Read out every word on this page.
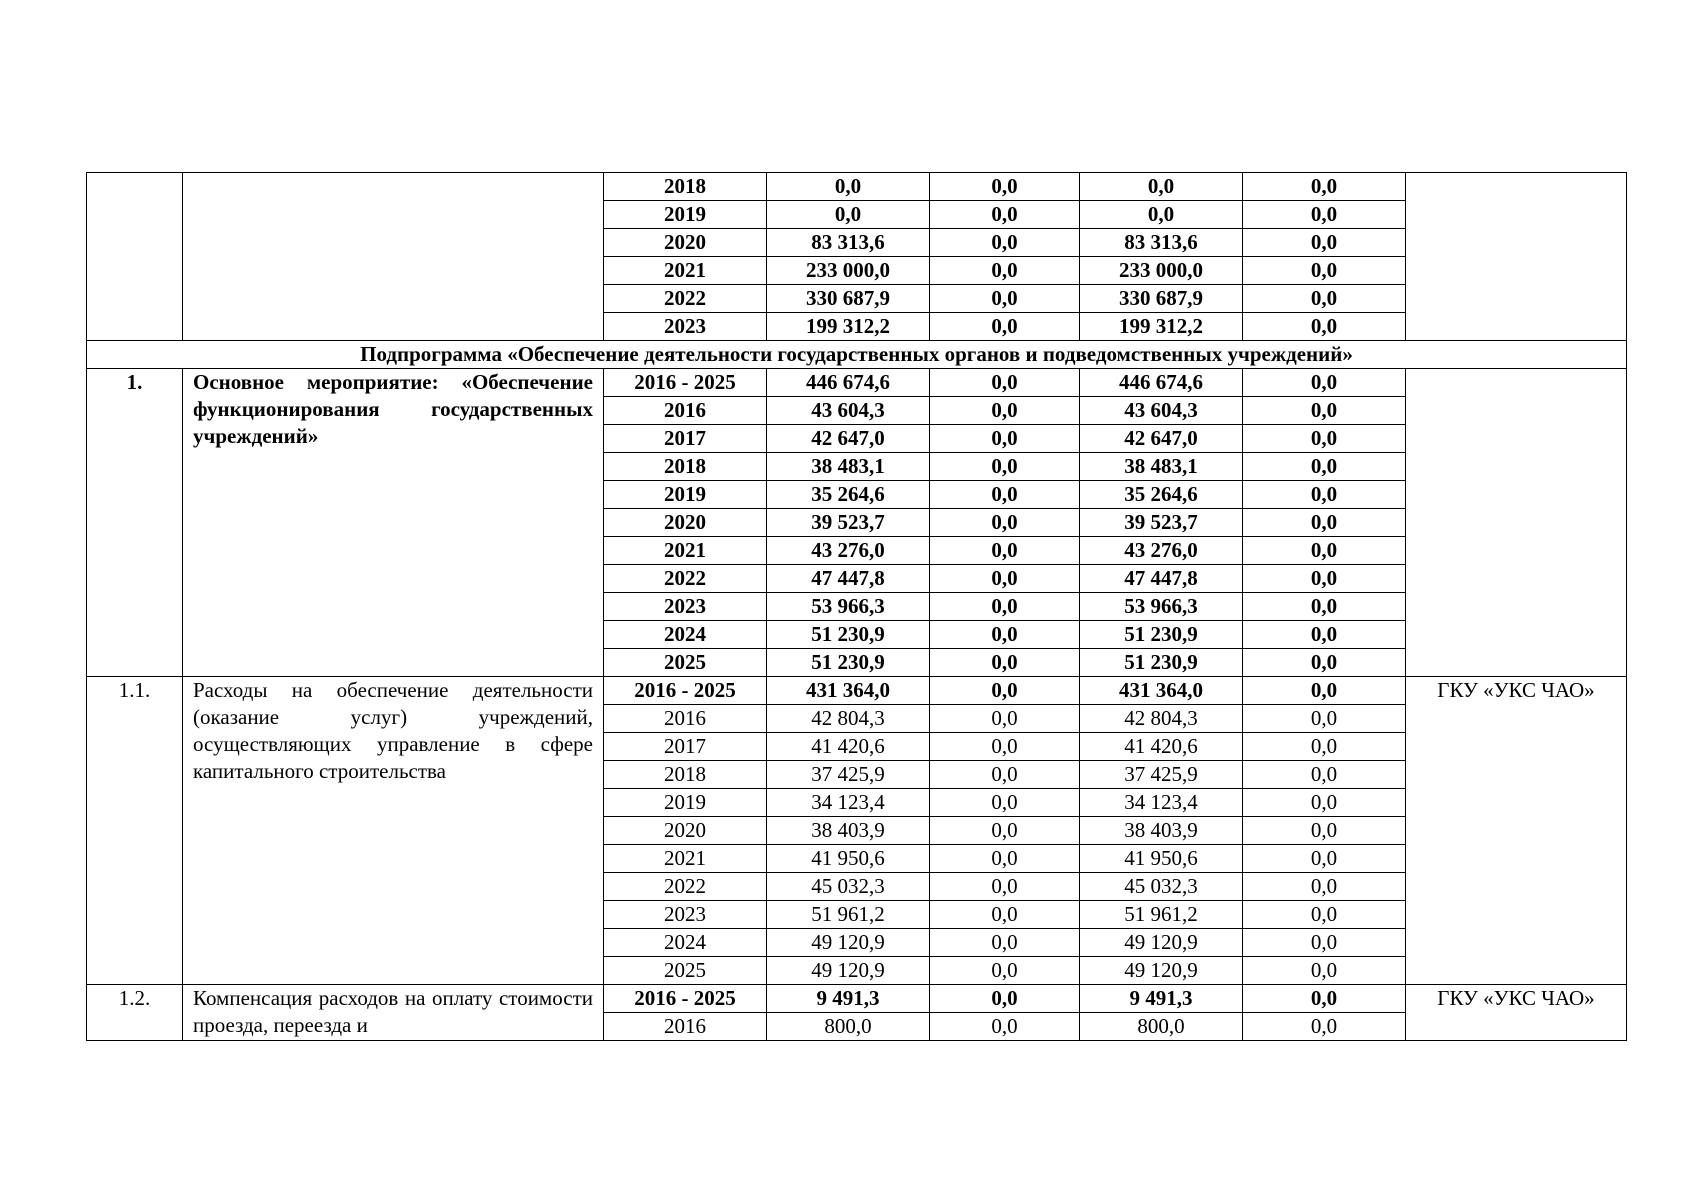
		2018	0,0	0,0	0,0	0,0	
		2019	0,0	0,0	0,0	0,0	
		2020	83 313,6	0,0	83 313,6	0,0	
		2021	233 000,0	0,0	233 000,0	0,0	
		2022	330 687,9	0,0	330 687,9	0,0	
		2023	199 312,2	0,0	199 312,2	0,0	
Подпрограмма «Обеспечение деятельности государственных органов и подведомственных учреждений»							
1.	Основное мероприятие: «Обеспечение функционирования государственных учреждений»	2016 - 2025	446 674,6	0,0	446 674,6	0,0	
		2016	43 604,3	0,0	43 604,3	0,0	
		2017	42 647,0	0,0	42 647,0	0,0	
		2018	38 483,1	0,0	38 483,1	0,0	
		2019	35 264,6	0,0	35 264,6	0,0	
		2020	39 523,7	0,0	39 523,7	0,0	
		2021	43 276,0	0,0	43 276,0	0,0	
		2022	47 447,8	0,0	47 447,8	0,0	
		2023	53 966,3	0,0	53 966,3	0,0	
		2024	51 230,9	0,0	51 230,9	0,0	
		2025	51 230,9	0,0	51 230,9	0,0	
1.1.	Расходы на обеспечение деятельности (оказание услуг) учреждений, осуществляющих управление в сфере капитального строительства	2016 - 2025	431 364,0	0,0	431 364,0	0,0	ГКУ «УКС ЧАО»
		2016	42 804,3	0,0	42 804,3	0,0	
		2017	41 420,6	0,0	41 420,6	0,0	
		2018	37 425,9	0,0	37 425,9	0,0	
		2019	34 123,4	0,0	34 123,4	0,0	
		2020	38 403,9	0,0	38 403,9	0,0	
		2021	41 950,6	0,0	41 950,6	0,0	
		2022	45 032,3	0,0	45 032,3	0,0	
		2023	51 961,2	0,0	51 961,2	0,0	
		2024	49 120,9	0,0	49 120,9	0,0	
		2025	49 120,9	0,0	49 120,9	0,0	
1.2.	Компенсация расходов на оплату стоимости проезда, переезда и	2016 - 2025	9 491,3	0,0	9 491,3	0,0	ГКУ «УКС ЧАО»
		2016	800,0	0,0	800,0	0,0	
